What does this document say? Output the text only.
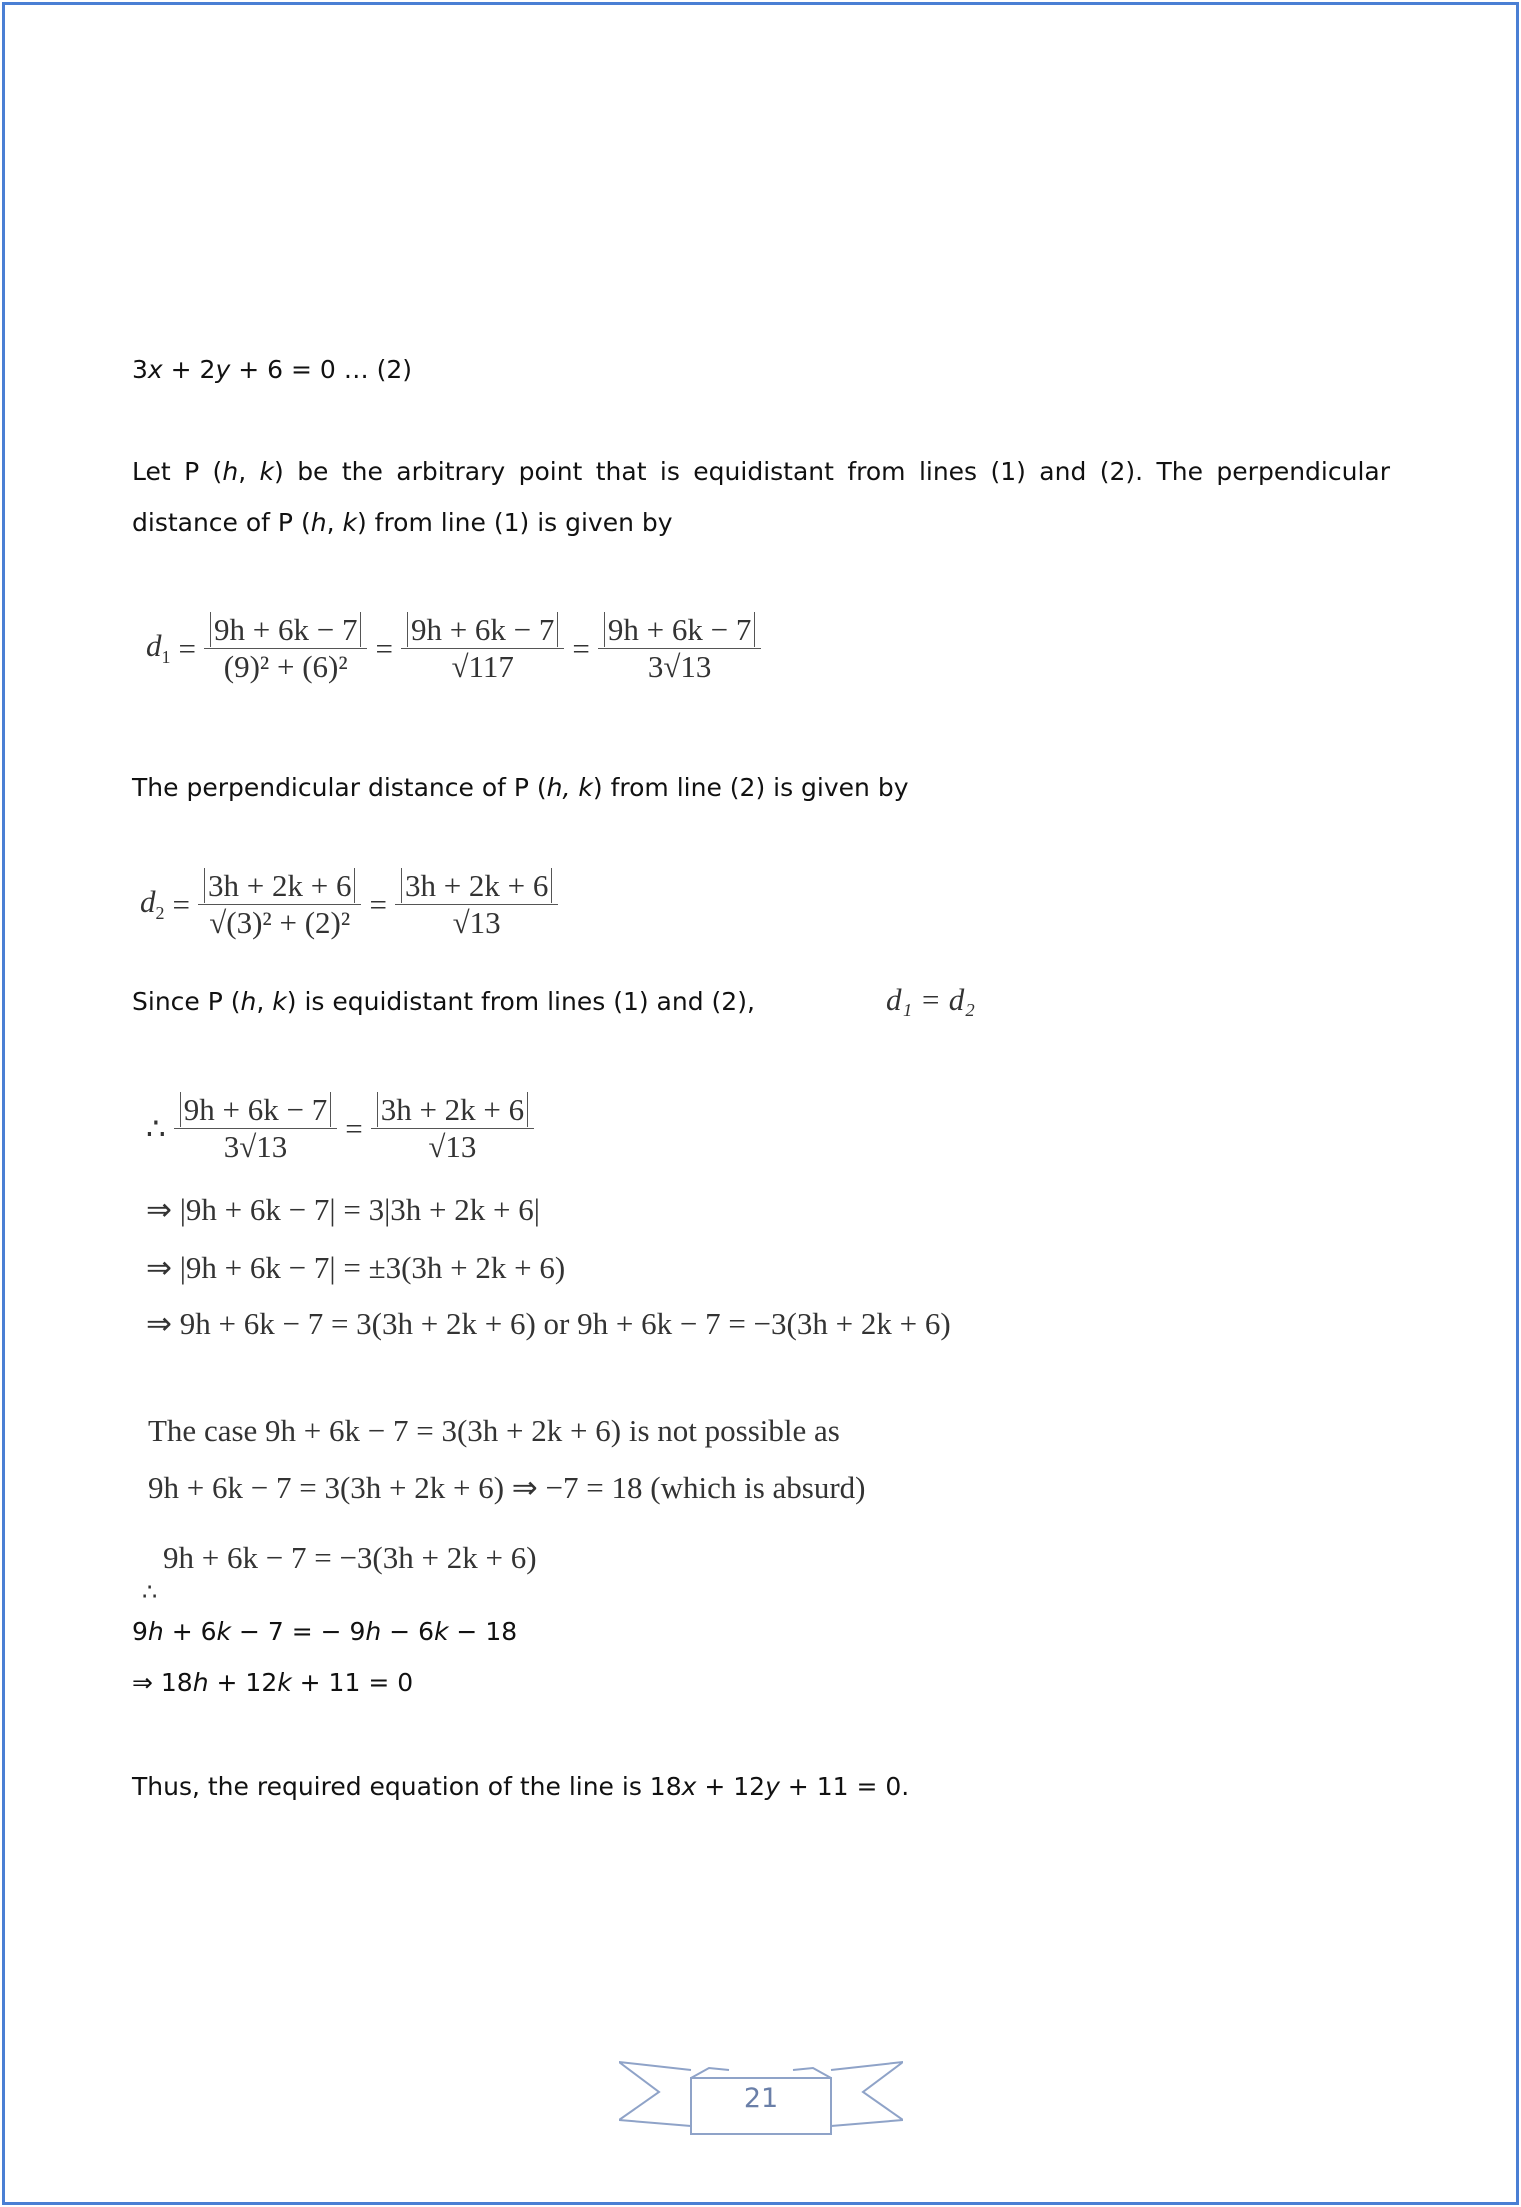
3x + 2y + 6 = 0 … (2)
Let P (h, k) be the arbitrary point that is equidistant from lines (1) and (2). The perpendicular distance of P (h, k) from line (1) is given by
$d_1 = \frac{9h + 6k - 7}{\text{(9)² + (6)²}} = 9h + 6k - 7$
√ $117 = \frac{9h + 6k - 7}{3 √ 13}$
The perpendicular distance of P (h, k) from line (2) is given by
$d_2 = 3h + 2k + 6$
√ (3)² + (2)² = 3h + 2k + 6
√ 13
Since P (h, k) is equidistant from lines (1) and (2),	d₁ = d₂
∴ $\frac{9h + 6k - 7}{3 √ 13} = 3h + 2k + 6$
√ 13
⇒ |9h + 6k − 7| = 3|3h + 2k + 6|
⇒ |9h + 6k − 7| = ±3(3h + 2k + 6)
⇒ 9h + 6k − 7 = 3(3h + 2k + 6) or 9h + 6k − 7 = −3(3h + 2k + 6)
The case 9h + 6k − 7 = 3(3h + 2k + 6) is not possible as
9h + 6k − 7 = 3(3h + 2k + 6) ⇒ −7 = 18 (which is absurd)
9h + 6k − 7 = −3(3h + 2k + 6)
∴
9h + 6k − 7 = − 9h − 6k − 18
⇒ 18h + 12k + 11 = 0
Thus, the required equation of the line is 18x + 12y + 11 = 0.
21
